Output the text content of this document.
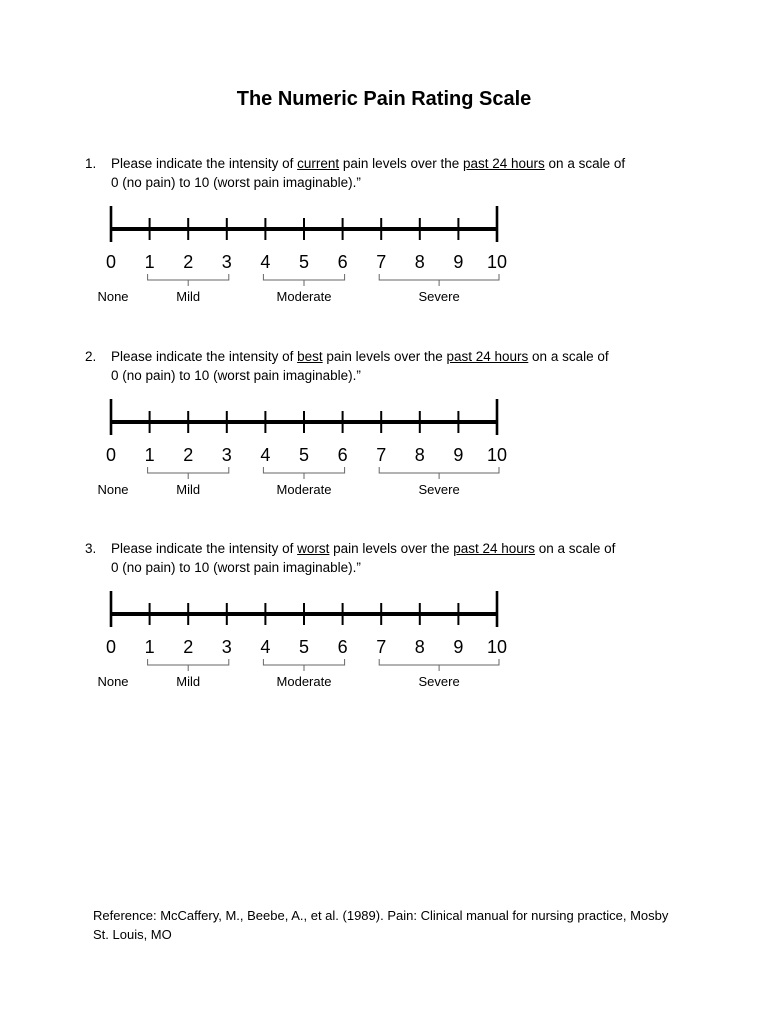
The Numeric Pain Rating Scale
1. Please indicate the intensity of current pain levels over the past 24 hours on a scale of
0 (no pain) to 10 (worst pain imaginable).”
0 1 2 3 4 5 6 7 8 9 10
None	Mild	Moderate	Severe
2. Please indicate the intensity of best pain levels over the past 24 hours on a scale of
0 (no pain) to 10 (worst pain imaginable).”
0 1 2 3 4 5 6 7 8 9 10
None	Mild	Moderate	Severe
3. Please indicate the intensity of worst pain levels over the past 24 hours on a scale of
0 (no pain) to 10 (worst pain imaginable).”
0 1 2 3 4 5 6 7 8 9 10
None	Mild	Moderate	Severe
Reference: McCaffery, M., Beebe, A., et al. (1989). Pain: Clinical manual for nursing practice, Mosby
St. Louis, MO
